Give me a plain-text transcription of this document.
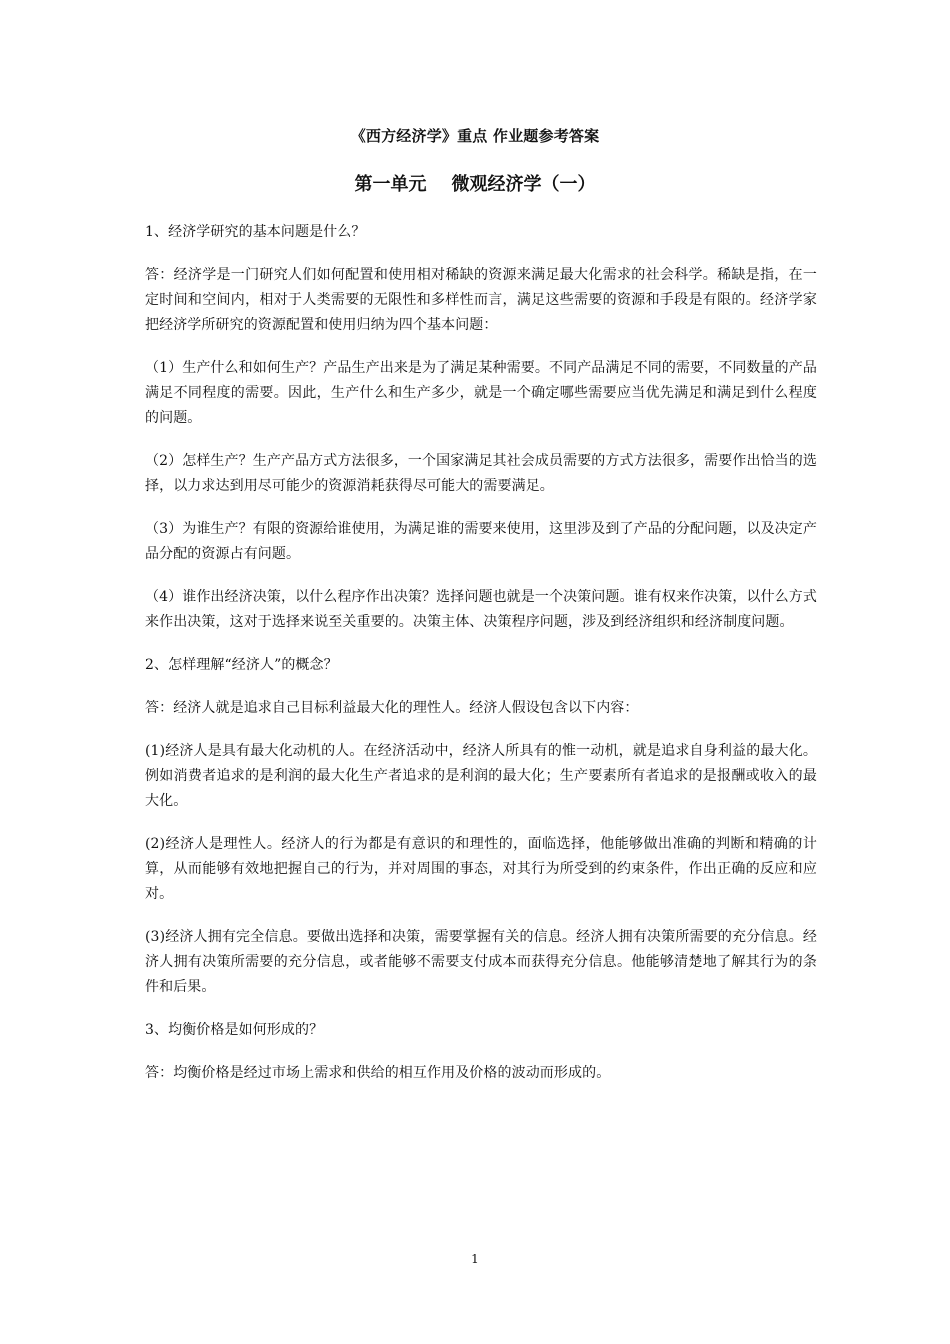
《西方经济学》重点 作业题参考答案
第一单元    微观经济学（一）

1、经济学研究的基本问题是什么？

答：经济学是一门研究人们如何配置和使用相对稀缺的资源来满足最大化需求的社会科学。稀缺是指，在一定时间和空间内，相对于人类需要的无限性和多样性而言，满足这些需要的资源和手段是有限的。经济学家把经济学所研究的资源配置和使用归纳为四个基本问题：

（1）生产什么和如何生产？产品生产出来是为了满足某种需要。不同产品满足不同的需要，不同数量的产品满足不同程度的需要。因此，生产什么和生产多少，就是一个确定哪些需要应当优先满足和满足到什么程度的问题。

（2）怎样生产？生产产品方式方法很多，一个国家满足其社会成员需要的方式方法很多，需要作出恰当的选择，以力求达到用尽可能少的资源消耗获得尽可能大的需要满足。

（3）为谁生产？有限的资源给谁使用，为满足谁的需要来使用，这里涉及到了产品的分配问题，以及决定产品分配的资源占有问题。

（4）谁作出经济决策，以什么程序作出决策？选择问题也就是一个决策问题。谁有权来作决策，以什么方式来作出决策，这对于选择来说至关重要的。决策主体、决策程序问题，涉及到经济组织和经济制度问题。

2、怎样理解“经济人”的概念？

答：经济人就是追求自己目标利益最大化的理性人。经济人假设包含以下内容：

(1)经济人是具有最大化动机的人。在经济活动中，经济人所具有的惟一动机，就是追求自身利益的最大化。例如消费者追求的是利润的最大化生产者追求的是利润的最大化；生产要素所有者追求的是报酬或收入的最大化。

(2)经济人是理性人。经济人的行为都是有意识的和理性的，面临选择，他能够做出准确的判断和精确的计算，从而能够有效地把握自己的行为，并对周围的事态，对其行为所受到的约束条件，作出正确的反应和应对。

(3)经济人拥有完全信息。要做出选择和决策，需要掌握有关的信息。经济人拥有决策所需要的充分信息。经济人拥有决策所需要的充分信息，或者能够不需要支付成本而获得充分信息。他能够清楚地了解其行为的条件和后果。

3、均衡价格是如何形成的？

答：均衡价格是经过市场上需求和供给的相互作用及价格的波动而形成的。

1
